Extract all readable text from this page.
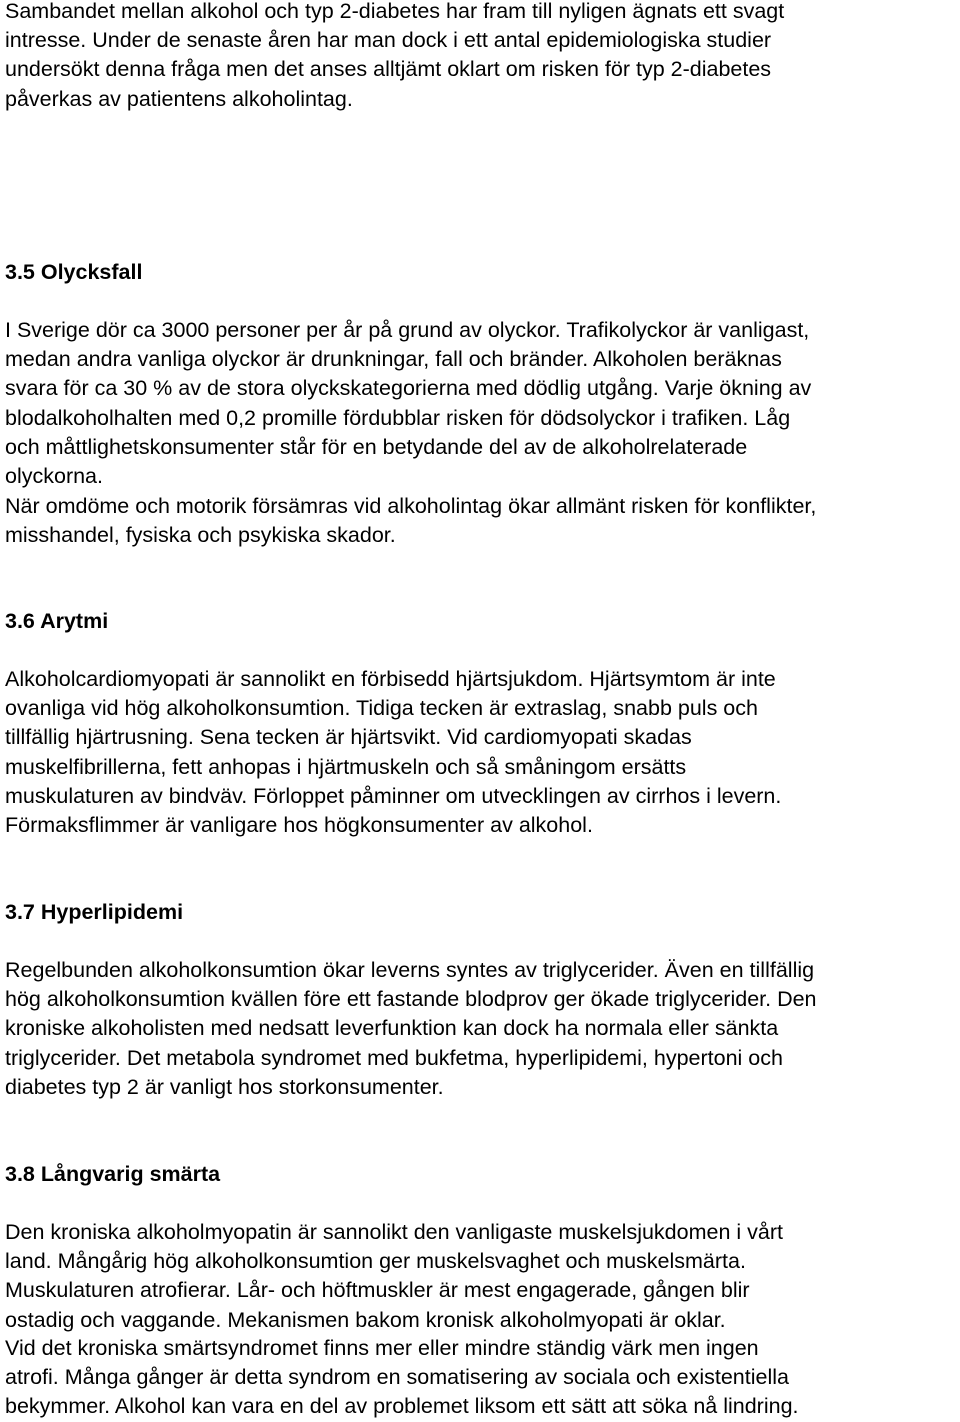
Sambandet mellan alkohol och typ 2-diabetes har fram till nyligen ägnats ett svagt
intresse. Under de senaste åren har man dock i ett antal epidemiologiska studier
undersökt denna fråga men det anses alltjämt oklart om risken för typ 2-diabetes
påverkas av patientens alkoholintag.

3.5 Olycksfall

I Sverige dör ca 3000 personer per år på grund av olyckor. Trafikolyckor är vanligast,
medan andra vanliga olyckor är drunkningar, fall och bränder. Alkoholen beräknas
svara för ca 30 % av de stora olyckskategorierna med dödlig utgång. Varje ökning av
blodalkoholhalten med 0,2 promille fördubblar risken för dödsolyckor i trafiken. Låg
och måttlighetskonsumenter står för en betydande del av de alkoholrelaterade
olyckorna.

När omdöme och motorik försämras vid alkoholintag ökar allmänt risken för konflikter,
misshandel, fysiska och psykiska skador.

3.6 Arytmi

Alkoholcardiomyopati är sannolikt en förbisedd hjärtsjukdom. Hjärtsymtom är inte
ovanliga vid hög alkoholkonsumtion. Tidiga tecken är extraslag, snabb puls och
tillfällig hjärtrusning. Sena tecken är hjärtsvikt. Vid cardiomyopati skadas
muskelfibrillerna, fett anhopas i hjärtmuskeln och så småningom ersätts
muskulaturen av bindväv. Förloppet påminner om utvecklingen av cirrhos i levern.
Förmaksflimmer är vanligare hos högkonsumenter av alkohol.

3.7 Hyperlipidemi

Regelbunden alkoholkonsumtion ökar leverns syntes av triglycerider. Även en tillfällig
hög alkoholkonsumtion kvällen före ett fastande blodprov ger ökade triglycerider. Den
kroniske alkoholisten med nedsatt leverfunktion kan dock ha normala eller sänkta
triglycerider. Det metabola syndromet med bukfetma, hyperlipidemi, hypertoni och
diabetes typ 2 är vanligt hos storkonsumenter.

3.8 Långvarig smärta

Den kroniska alkoholmyopatin är sannolikt den vanligaste muskelsjukdomen i vårt
land. Mångårig hög alkoholkonsumtion ger muskelsvaghet och muskelsmärta.
Muskulaturen atrofierar. Lår- och höftmuskler är mest engagerade, gången blir
ostadig och vaggande. Mekanismen bakom kronisk alkoholmyopati är oklar.

Vid det kroniska smärtsyndromet finns mer eller mindre ständig värk men ingen
atrofi. Många gånger är detta syndrom en somatisering av sociala och existentiella
bekymmer. Alkohol kan vara en del av problemet liksom ett sätt att söka nå lindring.
